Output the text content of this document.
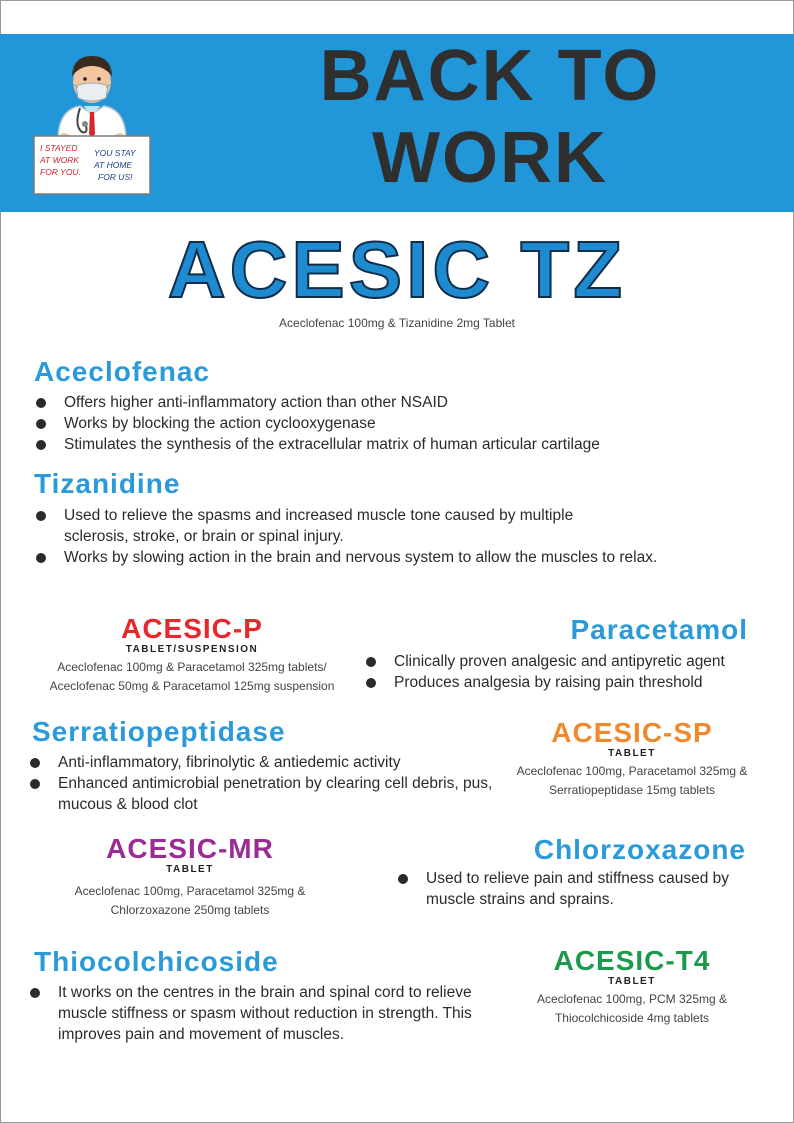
I STAYED
AT WORK
FOR YOU.
YOU STAY
AT HOME
FOR US!
BACK TO
WORK
ACESIC TZ
Aceclofenac 100mg & Tizanidine 2mg Tablet
Aceclofenac
Offers higher anti-inflammatory action than other NSAID
Works by blocking the action cyclooxygenase
Stimulates the synthesis of the extracellular matrix of human articular cartilage
Tizanidine
Used to relieve the spasms and increased muscle tone caused by multiple sclerosis, stroke, or brain or spinal injury.
Works by slowing action in the brain and nervous system to allow the muscles to relax.
ACESIC-P
TABLET/SUSPENSION
Aceclofenac 100mg & Paracetamol 325mg tablets/
Aceclofenac 50mg & Paracetamol 125mg suspension
Paracetamol
Clinically proven analgesic and antipyretic agent
Produces analgesia by raising pain threshold
Serratiopeptidase
Anti-inflammatory, fibrinolytic & antiedemic activity
Enhanced antimicrobial penetration by clearing cell debris, pus, mucous & blood clot
ACESIC-SP
TABLET
Aceclofenac 100mg, Paracetamol 325mg &
Serratiopeptidase 15mg tablets
ACESIC-MR
TABLET
Aceclofenac 100mg, Paracetamol 325mg &
Chlorzoxazone 250mg tablets
Chlorzoxazone
Used to relieve pain and stiffness caused by muscle strains and sprains.
Thiocolchicoside
It works on the centres in the brain and spinal cord to relieve muscle stiffness or spasm without reduction in strength. This improves pain and movement of muscles.
ACESIC-T4
TABLET
Aceclofenac 100mg, PCM 325mg &
Thiocolchicoside 4mg tablets
